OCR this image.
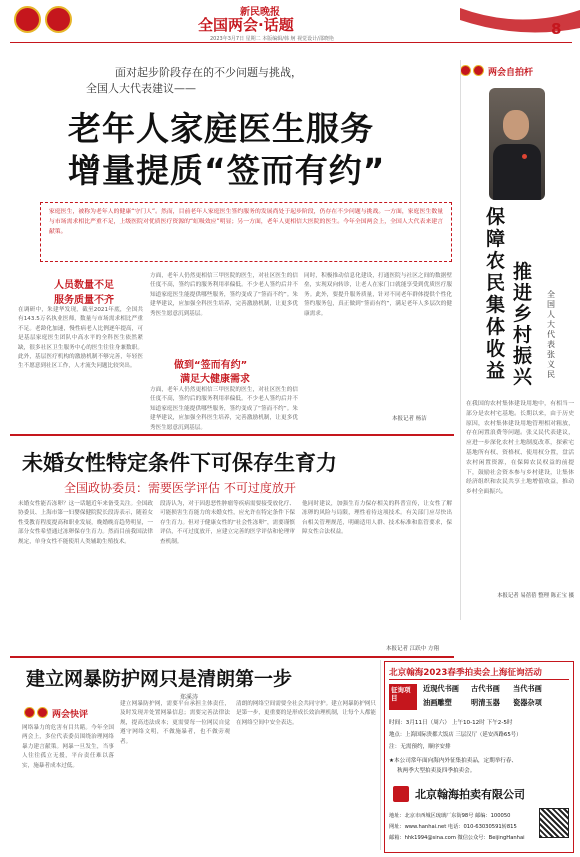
新民晚报
全国两会·话题
2023年3月7日 星期二 本版编辑/韩 舸 视觉设计/邵晓艳
8
面对起步阶段存在的不少问题与挑战，
全国人大代表建议——
老年人家庭医生服务
增量提质“签而有约”
家庭医生，被称为老年人的健康“守门人”。然而，目前老年人家庭医生签约服务的发展尚处于起步阶段，仍存在不少问题与挑战。一方面，家庭医生数量与市场需求相比严重不足，上级医院对优质医疗资源的“虹吸效应”明显；另一方面，老年人更相信大医院的医生。今年全国两会上，全国人大代表来建言献策。
人员数量不足
服务质量不齐
在调研中，朱建华发现，截至2021年底，全国共有143.5万名执业医师，数量与市场需求相比严重不足。老龄化加速，慢性病老人比例逐年提高，可是基层家庭医生团队中高水平的全科医生依然紧缺，很多社区卫生服务中心的医生往往身兼数职。此外，基层医疗机构的激励机制不够完善，年轻医生不愿意到社区工作，人才流失问题比较突出。
方面，老年人仍然更相信三甲医院的医生，对社区医生的信任度不高，签约后的服务利用率偏低。不少老人签约后并不知道家庭医生能提供哪些服务，签约变成了“签而不约”。朱建华建议，应加强全科医生培养，完善激励机制，让更多优秀医生愿意沉到基层。
做到“签而有约”
满足大健康需求
方面，老年人仍然更相信三甲医院的医生，对社区医生的信任度不高，签约后的服务利用率偏低。不少老人签约后并不知道家庭医生能提供哪些服务，签约变成了“签而不约”。朱建华建议，应加强全科医生培养，完善激励机制，让更多优秀医生愿意沉到基层。
同时，积极推动信息化建设，打通医院与社区之间的数据壁垒，实现双向转诊，让老人在家门口就能享受到优质医疗服务。此外，要提升服务质量，针对不同老年群体提供个性化签约服务包，真正做到“签而有约”，满足老年人多层次的健康需求。
本报记者 杨洁
两会自拍杆
推进乡村振兴
保障农民集体收益
全国人大代表 张义民
在我国的农村集体建设用地中，有相当一部分是农村宅基地。长期以来，由于历史原因，农村集体建设用地管理相对粗放，存在闲置浪费等问题。张义民代表建议，应进一步深化农村土地制度改革，探索宅基地所有权、资格权、使用权分置，盘活农村闲置资源，在保障农民权益的前提下，鼓励社会资本参与乡村建设，让集体经济组织和农民共享土地增值收益，推动乡村全面振兴。
本报记者 易蓓蓓 整理 陈正宝 摄
未婚女性特定条件下可保存生育力
全国政协委员：需要医学评估 不可过度放开
未婚女性能否冻卵？这一话题近年来备受关注。全国政协委员、上海市第一妇婴保健院院长段涛表示，随着女性受教育程度提高和职业发展，晚婚晚育趋势明显，一部分女性希望通过冻卵保存生育力。然而目前我国法律规定，单身女性不能使用人类辅助生殖技术。
段涛认为，对于因患恶性肿瘤等疾病需要接受放化疗、可能损害生育能力的未婚女性，应允许在特定条件下保存生育力。但对于健康女性的“社会性冻卵”，需要谨慎评估，不可过度放开，应建立完善的医学评估和伦理审查机制。
他同时建议，加强生育力保存相关的科普宣传，让女性了解冻卵的风险与局限，理性看待这项技术。有关部门应尽快出台相关管理规范，明确适用人群、技术标准和监管要求，保障女性合法权益。
本报记者 江跃中 方翔
建立网暴防护网只是清朗第一步
郑溪涛
两会快评
网络暴力的危害有目共睹。今年全国两会上，多位代表委员围绕治理网络暴力建言献策。网暴一旦发生，当事人往往孤立无援，平台责任难以落实，施暴者成本过低。
建立网暴防护网，需要平台承担主体责任，及时发现并处置网暴信息；需要完善法律法规，提高违法成本；更需要每一位网民自觉遵守网络文明，不做施暴者，也不做旁观者。
清朗的网络空间需要全社会共同守护。建立网暴防护网只是第一步，更重要的是形成长效治理机制，让每个人都能在网络空间中安全表达。
北京翰海2023春季拍卖会上海征询活动
征询项目
近现代书画 古代书画 当代书画
油画雕塑	明清玉器 瓷器杂项
时间：3月11日（周六） 上午10-12时 下午2-5时
地点：上海国际贵都大饭店 三层汉厅（延安西路65号）
注：无需预约，顺序安排
★本公司常年面向海内外征集拍卖品，定期举行春、
秋两季大型拍卖及四季拍卖会。
北京翰海拍卖有限公司
地址：北京市西城区琉璃厂东街98号 邮编：100050
网址：www.hanhai.net 电话：010-63030591转815
邮箱：hhk1994@sina.com 微信公众号：BeijingHanhai
